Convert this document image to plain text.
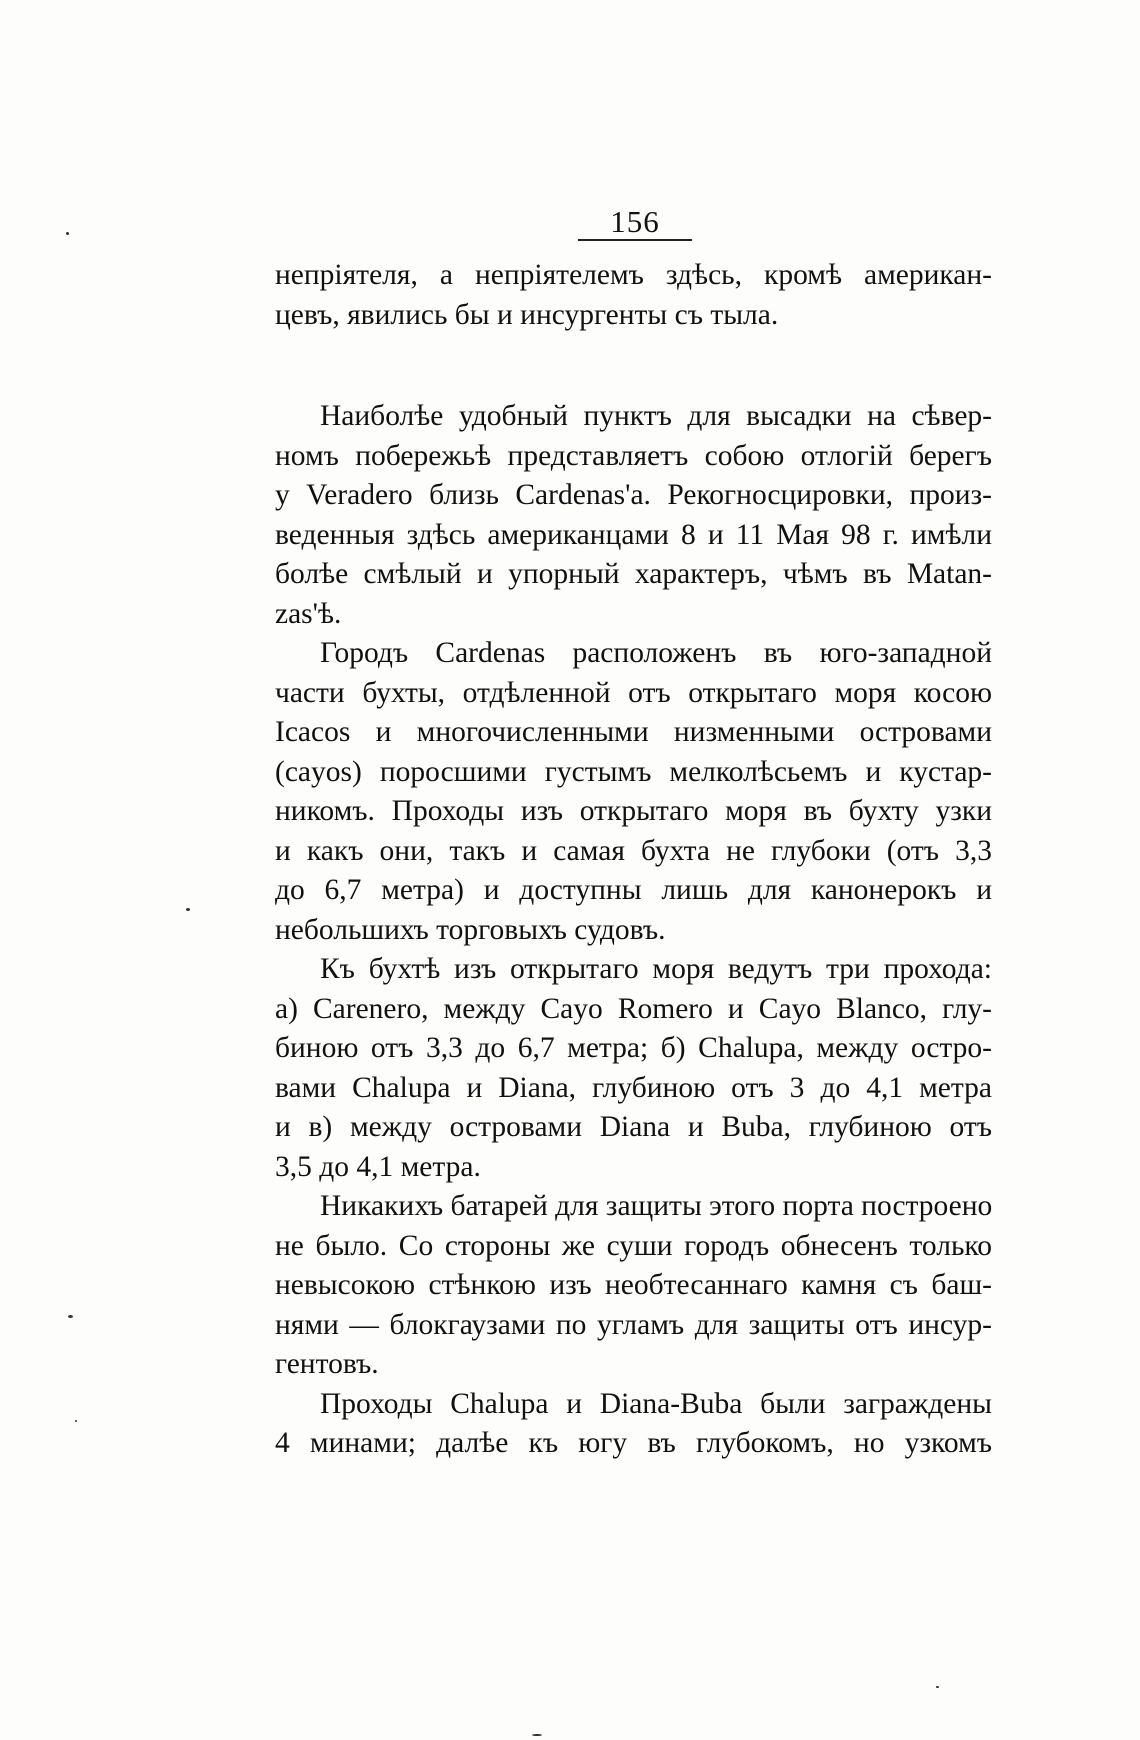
156
непріятеля, а непріятелемъ здѣсь, кромѣ американ-
цевъ, явились бы и инсургенты съ тыла.
Наиболѣе удобный пунктъ для высадки на сѣвер-
номъ побережьѣ представляетъ собою отлогій берегъ
у Veradero близь Cardenas'a. Рекогносцировки, произ-
веденныя здѣсь американцами 8 и 11 Мая 98 г. имѣли
болѣе смѣлый и упорный характеръ, чѣмъ въ Matan-
zas'ѣ.
Городъ Cardenas расположенъ въ юго-западной
части бухты, отдѣленной отъ открытаго моря косою
Icacos и многочисленными низменными островами
(cayos) поросшими густымъ мелколѣсьемъ и кустар-
никомъ. Проходы изъ открытаго моря въ бухту узки
и какъ они, такъ и самая бухта не глубоки (отъ 3,3
до 6,7 метра) и доступны лишь для канонерокъ и
небольшихъ торговыхъ судовъ.
Къ бухтѣ изъ открытаго моря ведутъ три прохода:
а) Carenero, между Cayo Romero и Cayo Blanco, глу-
биною отъ 3,3 до 6,7 метра; б) Chalupa, между остро-
вами Chalupa и Diana, глубиною отъ 3 до 4,1 метра
и в) между островами Diana и Buba, глубиною отъ
3,5 до 4,1 метра.
Никакихъ батарей для защиты этого порта построено
не было. Со стороны же суши городъ обнесенъ только
невысокою стѣнкою изъ необтесаннаго камня съ баш-
нями — блокгаузами по угламъ для защиты отъ инсур-
гентовъ.
Проходы Chalupa и Diana-Buba были заграждены
4 минами; далѣе къ югу въ глубокомъ, но узкомъ
